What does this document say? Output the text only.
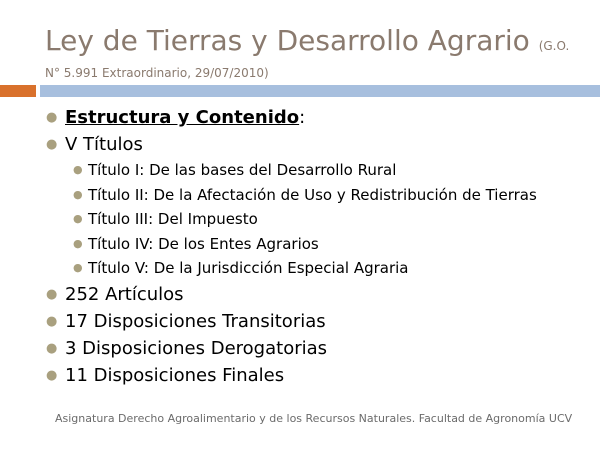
Ley de Tierras y Desarrollo Agrario (G.O.
N° 5.991 Extraordinario, 29/07/2010)
● Estructura y Contenido:
● V Títulos
● Título I: De las bases del Desarrollo Rural
● Título II: De la Afectación de Uso y Redistribución de Tierras
● Título III: Del Impuesto
● Título IV: De los Entes Agrarios
● Título V: De la Jurisdicción Especial Agraria
● 252 Artículos
● 17 Disposiciones Transitorias
● 3 Disposiciones Derogatorias
● 11 Disposiciones Finales
Asignatura Derecho Agroalimentario y de los Recursos Naturales. Facultad de Agronomía UCV
